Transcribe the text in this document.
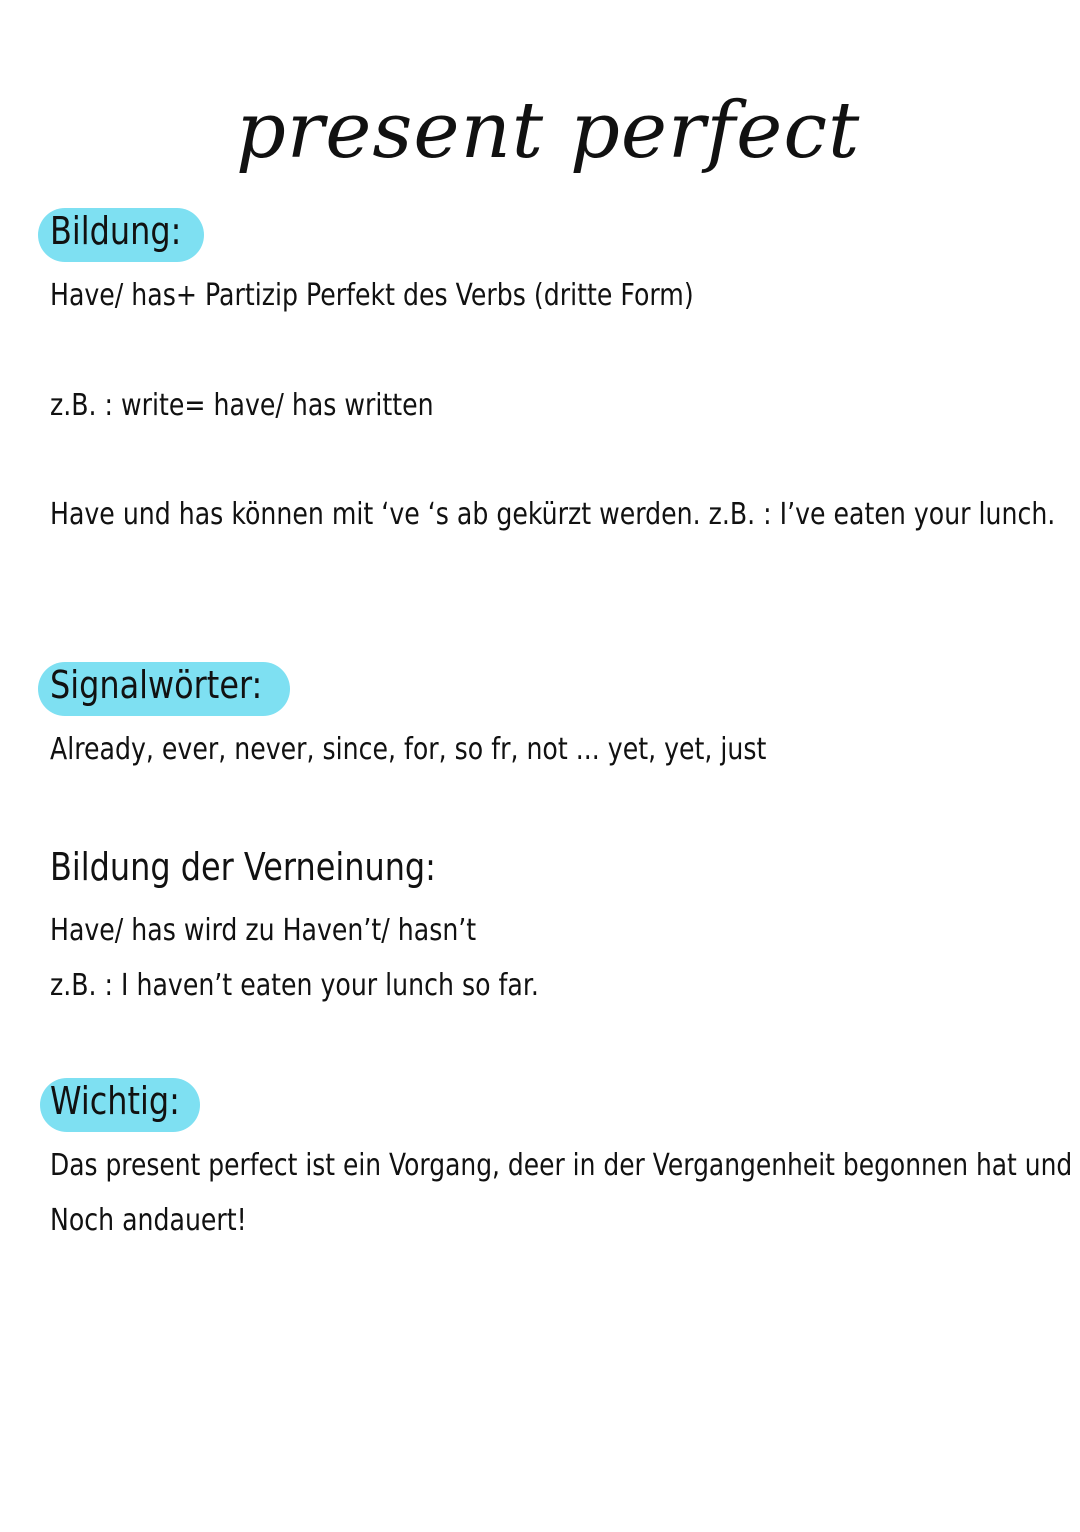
present perfect
Bildung:
Have/ has+ Partizip Perfekt des Verbs (dritte Form)
z.B. : write= have/ has written
Have und has können mit ‘ve ‘s ab gekürzt werden. z.B. : I’ve eaten your lunch.
Signalwörter:
Already, ever, never, since, for, so fr, not ... yet, yet, just
Bildung der Verneinung:
Have/ has wird zu Haven’t/ hasn’t
z.B. : I haven’t eaten your lunch so far.
Wichtig:
Das present perfect ist ein Vorgang, deer in der Vergangenheit begonnen hat und
Noch andauert!
